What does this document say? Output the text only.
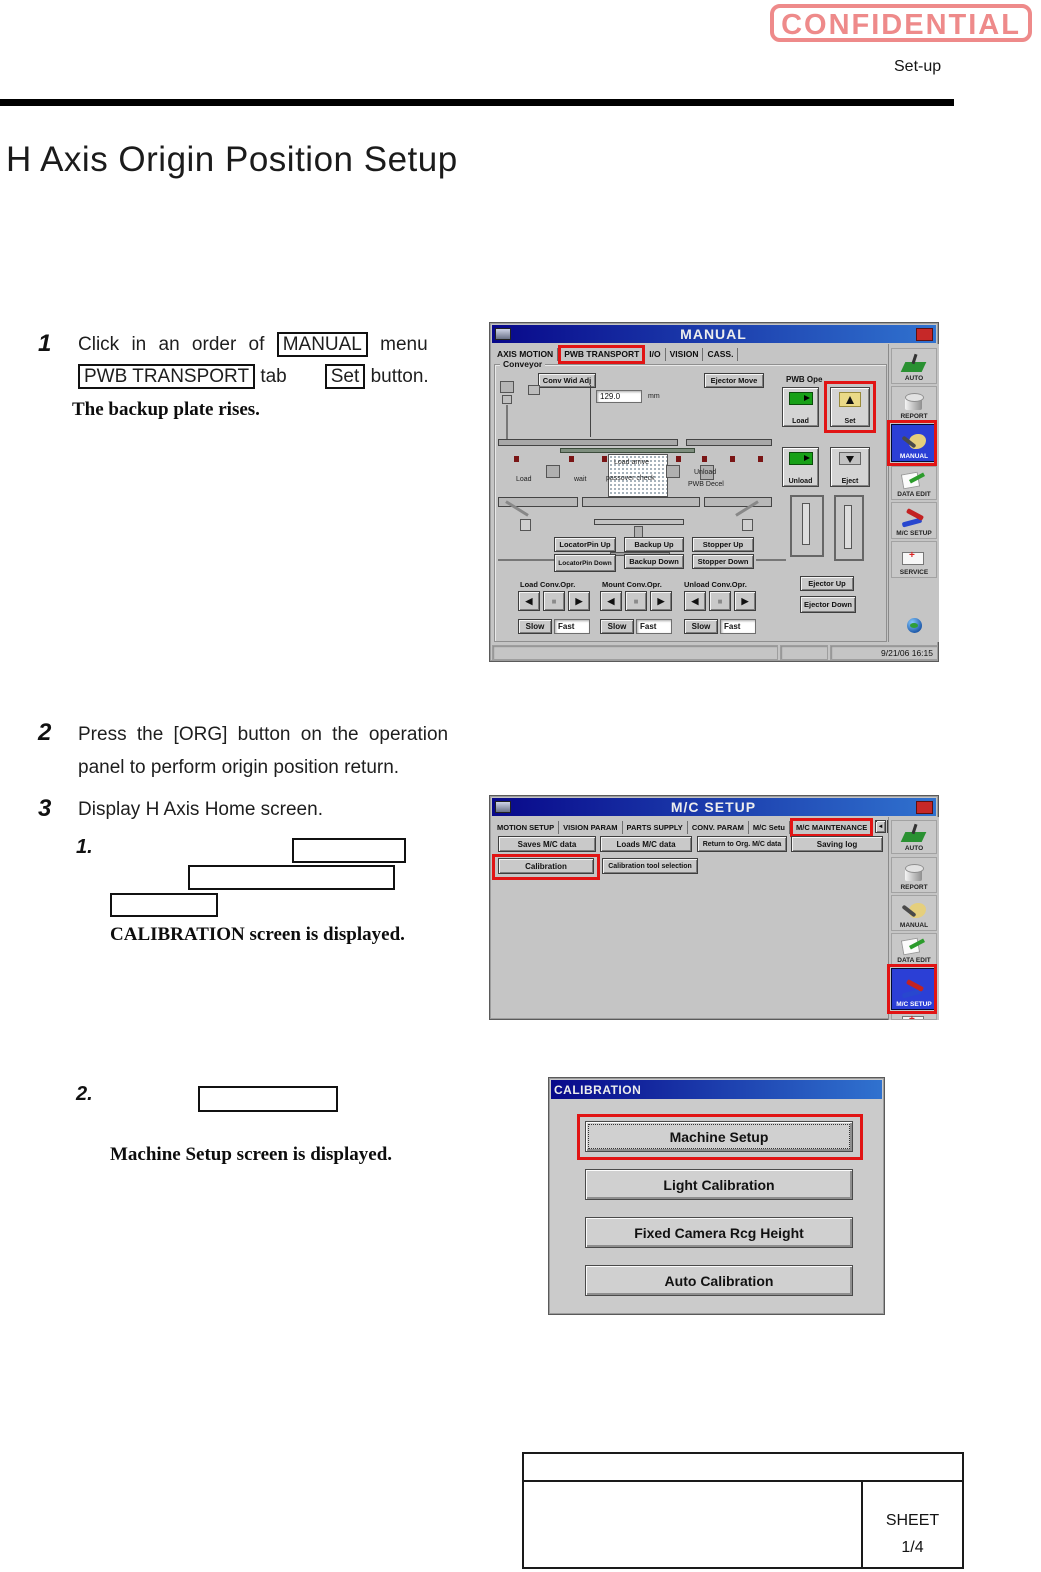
CONFIDENTIAL
Set-up
H Axis Origin Position Setup
1 Click in an order of MANUAL menu
PWB TRANSPORT tab Set button.
The backup plate rises.
MANUAL
AXIS MOTION	PWB TRANSPORT	I/O	VISION	CASS.
Conveyor
Conv Wid Adj
129.0	mm
Ejector Move	PWB Ope
Load	Set
Unload	Eject
Load	wait
Load arrive
passover check
Unload
PWB Decel
LocatorPin Up	Backup Up	Stopper Up
LocatorPin Down	Backup Down	Stopper Down
Load Conv.Opr.	Mount Conv.Opr.	Unload Conv.Opr.
◀	■	▶	◀	■	▶	◀	■	▶
Slow	Fast	Slow	Fast	Slow	Fast
Ejector Up
Ejector Down
AUTO
REPORT
MANUAL
DATA EDIT
M/C SETUP
+
SERVICE
9/21/06 16:15
2 Press the [ORG] button on the operation
panel to perform origin position return.
3 Display H Axis Home screen.
1.
CALIBRATION screen is displayed.
M/C SETUP
MOTION SETUP	VISION PARAM	PARTS SUPPLY	CONV. PARAM	M/C Setu	M/C MAINTENANCE	◄
Saves M/C data	Loads M/C data	Return to Org. M/C data	Saving log
Calibration	Calibration tool selection
AUTO
REPORT
MANUAL
DATA EDIT
M/C SETUP
+
2.
Machine Setup screen is displayed.
CALIBRATION
Machine Setup
Light Calibration
Fixed Camera Rcg Height
Auto Calibration
SHEET
1/4
